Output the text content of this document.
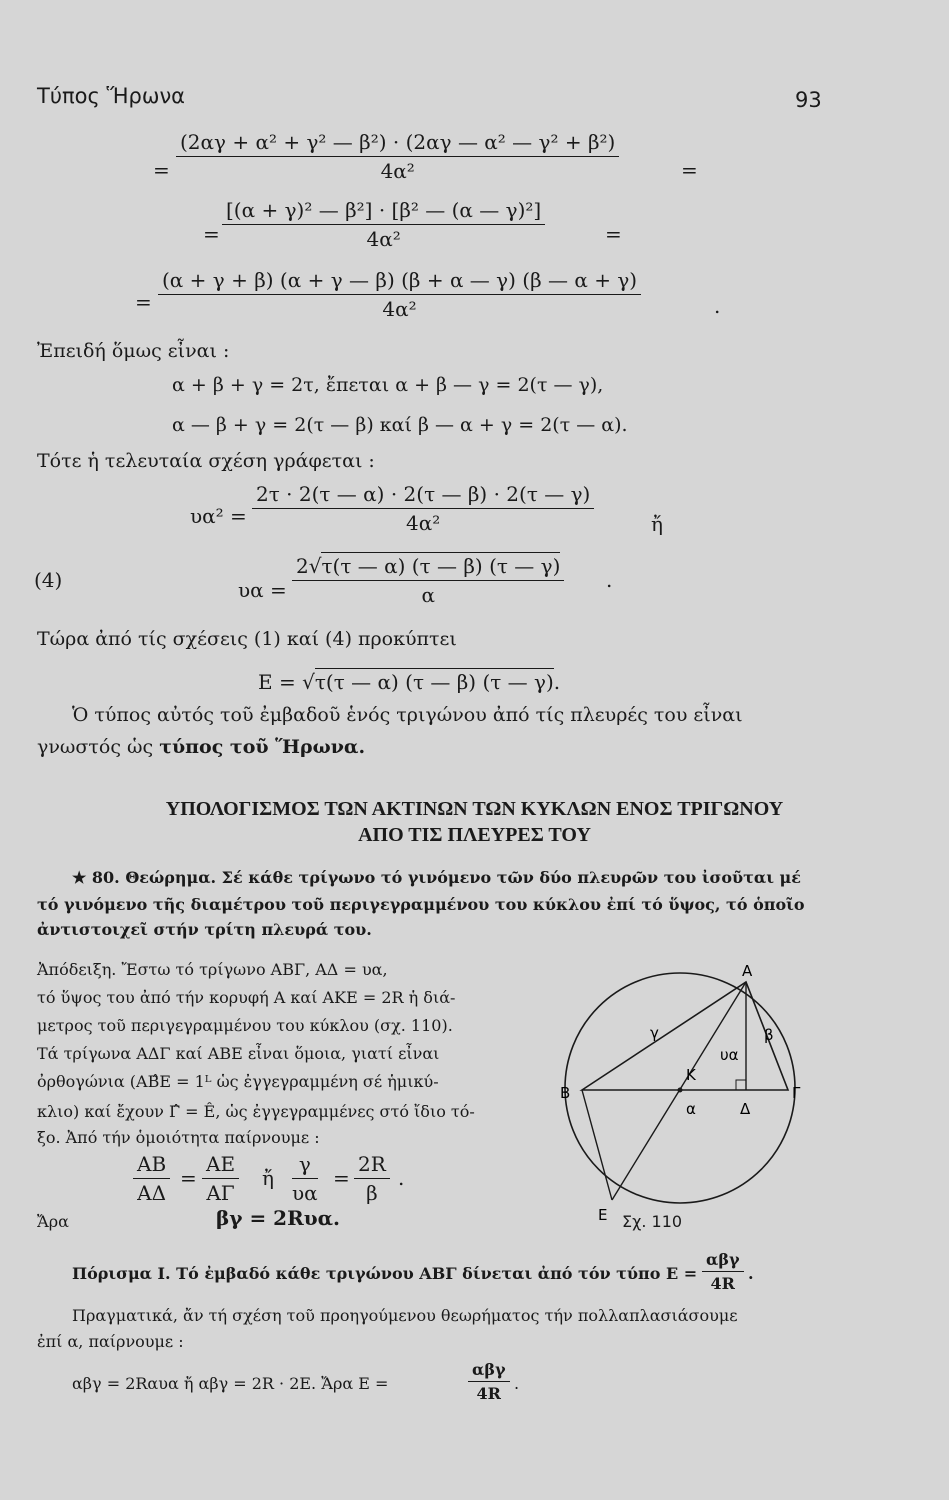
Τύπος Ἥρωνα	93
= $\frac{\text{(2αγ + α² + γ² — β²) · (2αγ — α² — γ² + β²)}}{\text{4α²}}$	=
= $\frac{\text{[(α + γ)² — β²] · [β² — (α — γ)²]}}{\text{4α²}}$	=
= $\frac{(\alpha + \gamma + \beta) (\alpha + \gamma — \beta) (\beta + \alpha — \gamma) (\beta — \alpha + \gamma)}{\text{4α²}}$	.
Ἐπειδή ὅμως εἶναι :
α + β + γ = 2τ, ἔπεται α + β — γ = 2(τ — γ),
α — β + γ = 2(τ — β) καί β — α + γ = 2(τ — α).
Τότε ἡ τελευταία σχέση γράφεται :
$\upsilon\alpha^2 = \frac{2\tau \cdot 2(\tau — \alpha) \cdot 2(\tau — \beta) \cdot 2(\tau — \gamma)}{\text{4α²}}$	ἤ
(4)	$\upsilon\alpha = \frac{2√\tau(\tau — \alpha) (\tau — \beta) (\tau — \gamma)}{\alpha}$ .
Τώρα ἀπό τίς σχέσεις (1) καί (4) προκύπτει
E = √τ(τ — α) (τ — β) (τ — γ).
Ὁ τύπος αὐτός τοῦ ἐμβαδοῦ ἑνός τριγώνου ἀπό τίς πλευρές του εἶναι
γνωστός ὡς τύπος τοῦ Ἥρωνα.
ΥΠΟΛΟΓΙΣΜΟΣ ΤΩΝ ΑΚΤΙΝΩΝ ΤΩΝ ΚΥΚΛΩΝ ΕΝΟΣ ΤΡΙΓΩΝΟΥ
ΑΠΟ ΤΙΣ ΠΛΕΥΡΕΣ ΤΟΥ
★ 80. Θεώρημα. Σέ κάθε τρίγωνο τό γινόμενο τῶν δύο πλευρῶν του ἰσοῦται μέ
τό γινόμενο τῆς διαμέτρου τοῦ περιγεγραμμένου του κύκλου ἐπί τό ὕψος, τό ὁποῖο
ἀντιστοιχεῖ στήν τρίτη πλευρά του.
Ἀπόδειξη. Ἔστω τό τρίγωνο ΑΒΓ, ΑΔ = υα,
τό ὕψος του ἀπό τήν κορυφή Α καί ΑΚΕ = 2R ἡ διά-
μετρος τοῦ περιγεγραμμένου του κύκλου (σχ. 110).
Τά τρίγωνα ΑΔΓ καί ΑΒΕ εἶναι ὅμοια, γιατί εἶναι
ὀρθογώνια (ΑΒ̂Ε = 1ᴸ ὡς ἐγγεγραμμένη σέ ἡμικύ-
κλιο) καί ἔχουν Γ̂ = Ê, ὡς ἐγγεγραμμένες στό ἴδιο τό-
ξο. Ἀπό τήν ὁμοιότητα παίρνουμε :
$\frac{AB}{A\Delta} = \frac{AE}{A\Gamma}$ ἤ $\frac{\gamma}{\upsilon\alpha} = \frac{2R}{\beta}$ .
Ἄρα	βγ = 2Rυα.
Α
Β	Γ
Δ
Ε
Κ
γ	β
α
υα
Σχ. 110
Πόρισμα I. Τό ἐμβαδό κάθε τριγώνου ΑΒΓ δίνεται ἀπό τόν τύπο Ε =
αβγ
4R
.
Πραγματικά, ἄν τή σχέση τοῦ προηγούμενου θεωρήματος τήν πολλαπλασιάσουμε
ἐπί α, παίρνουμε :
αβγ = 2Rαυα ἤ αβγ = 2R · 2Ε. Ἄρα Ε =
αβγ
4R
.
